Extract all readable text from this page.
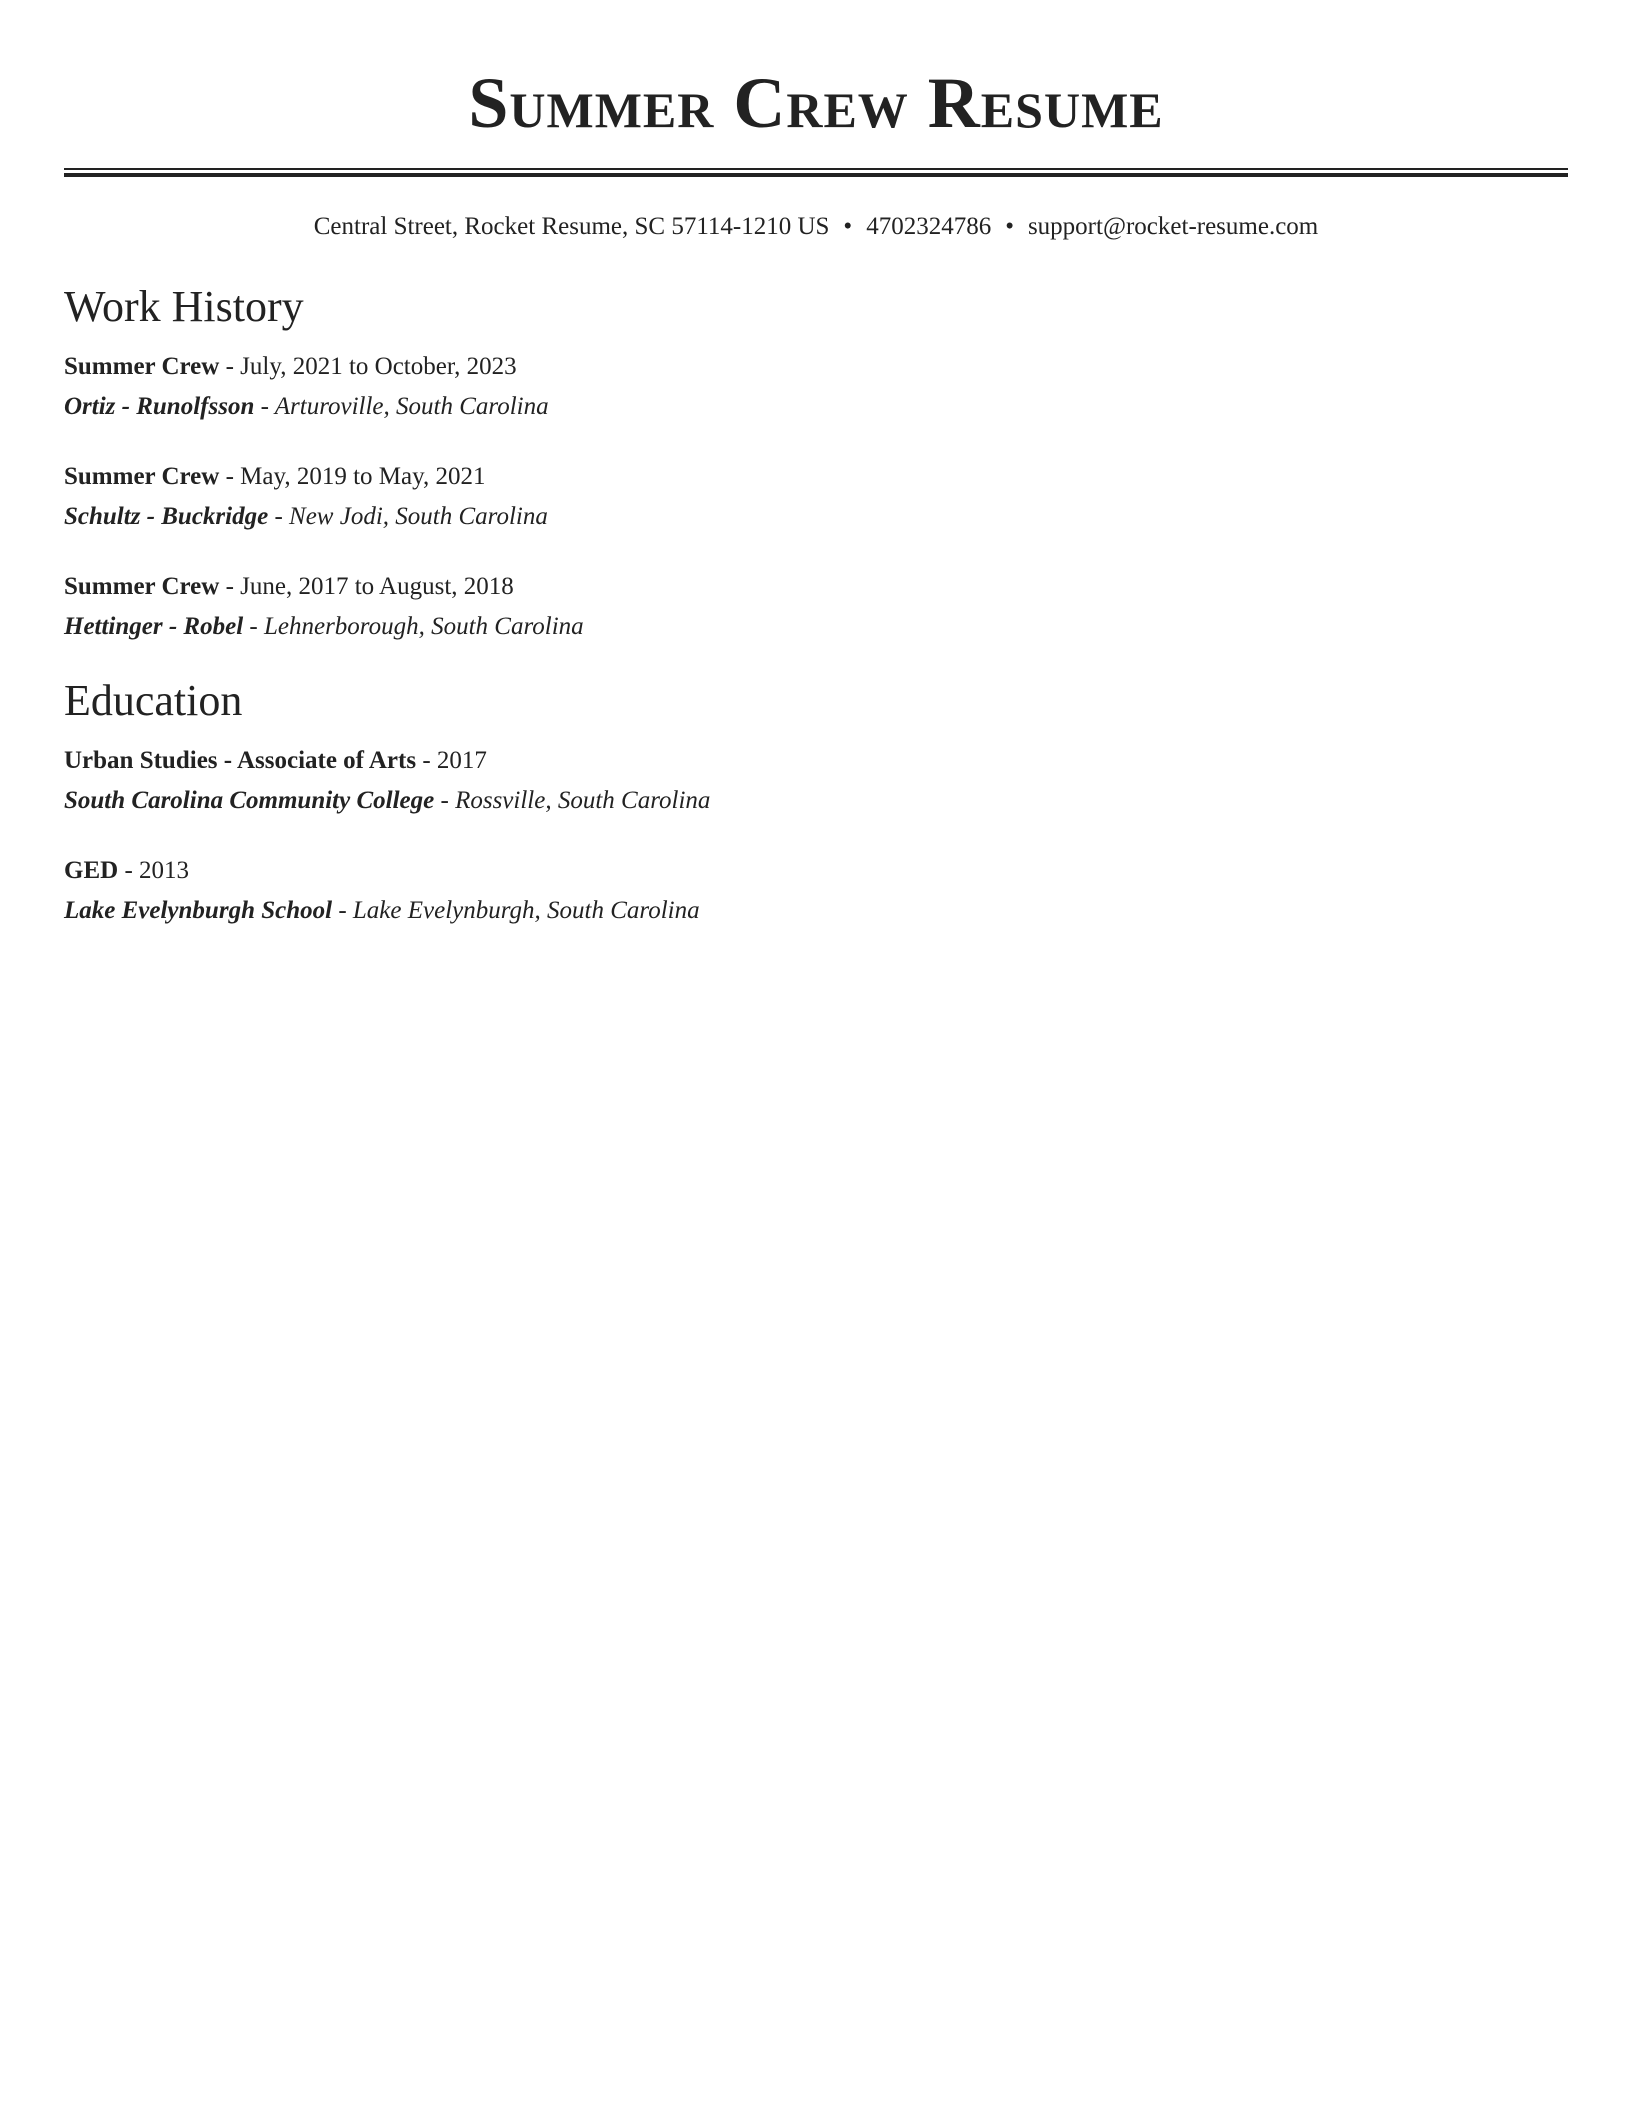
Summer Crew Resume
Central Street, Rocket Resume, SC 57114-1210 US • 4702324786 • support@rocket-resume.com
Work History
Summer Crew - July, 2021 to October, 2023
Ortiz - Runolfsson - Arturoville, South Carolina
Summer Crew - May, 2019 to May, 2021
Schultz - Buckridge - New Jodi, South Carolina
Summer Crew - June, 2017 to August, 2018
Hettinger - Robel - Lehnerborough, South Carolina
Education
Urban Studies - Associate of Arts - 2017
South Carolina Community College - Rossville, South Carolina
GED - 2013
Lake Evelynburgh School - Lake Evelynburgh, South Carolina
